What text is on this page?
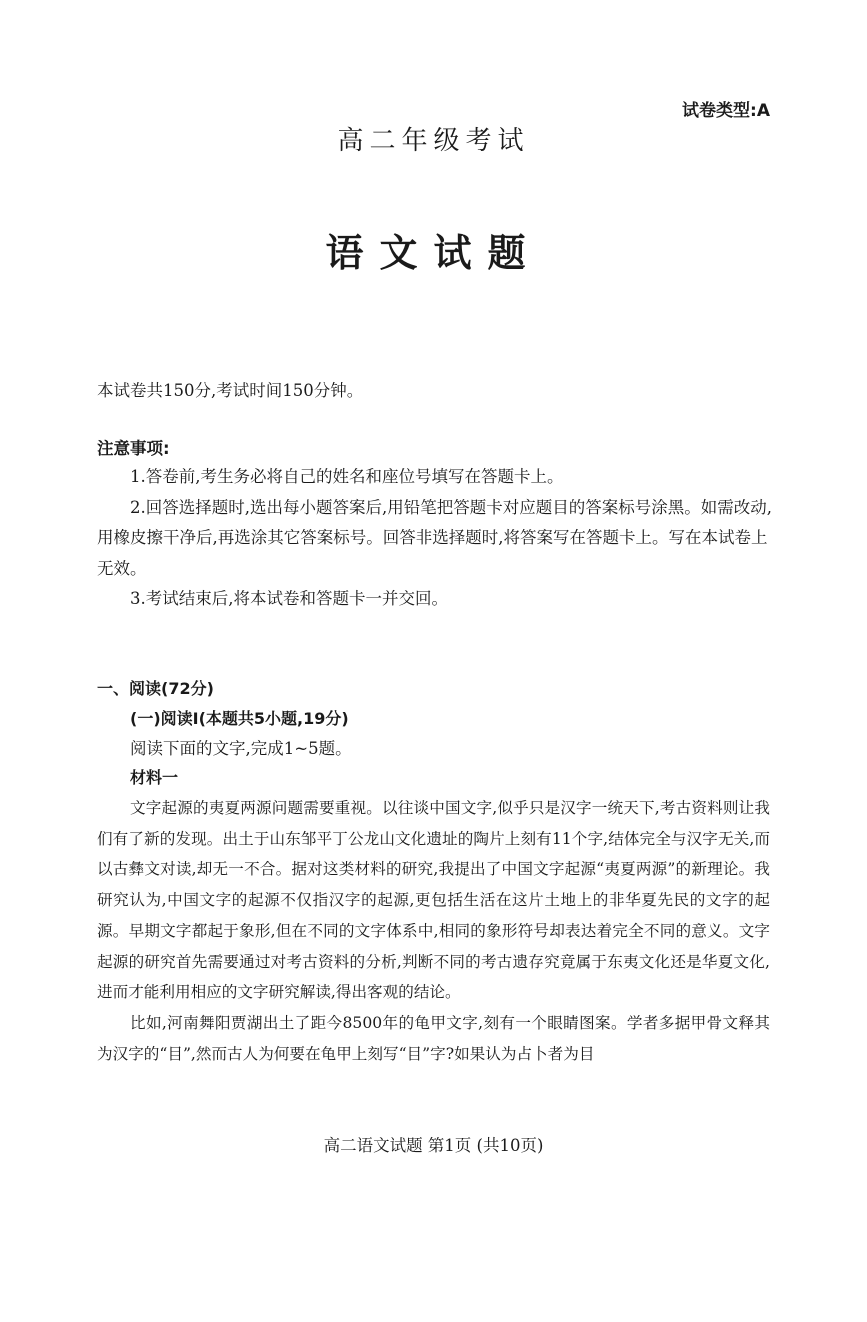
试卷类型:A
高二年级考试
语文试题
本试卷共150分,考试时间150分钟。
注意事项:

1.答卷前,考生务必将自己的姓名和座位号填写在答题卡上。

2.回答选择题时,选出每小题答案后,用铅笔把答题卡对应题目的答案标号涂黑。如需改动,用橡皮擦干净后,再选涂其它答案标号。回答非选择题时,将答案写在答题卡上。写在本试卷上无效。

3.考试结束后,将本试卷和答题卡一并交回。

一、阅读(72分)
(一)阅读Ⅰ(本题共5小题,19分)
阅读下面的文字,完成1~5题。
材料一

文字起源的夷夏两源问题需要重视。以往谈中国文字,似乎只是汉字一统天下,考古资料则让我们有了新的发现。出土于山东邹平丁公龙山文化遗址的陶片上刻有11个字,结体完全与汉字无关,而以古彝文对读,却无一不合。据对这类材料的研究,我提出了中国文字起源“夷夏两源”的新理论。我研究认为,中国文字的起源不仅指汉字的起源,更包括生活在这片土地上的非华夏先民的文字的起源。早期文字都起于象形,但在不同的文字体系中,相同的象形符号却表达着完全不同的意义。文字起源的研究首先需要通过对考古资料的分析,判断不同的考古遗存究竟属于东夷文化还是华夏文化,进而才能利用相应的文字研究解读,得出客观的结论。

比如,河南舞阳贾湖出土了距今8500年的龟甲文字,刻有一个眼睛图案。学者多据甲骨文释其为汉字的“目”,然而古人为何要在龟甲上刻写“目”字?如果认为占卜者为目

高二语文试题 第1页 (共10页)
